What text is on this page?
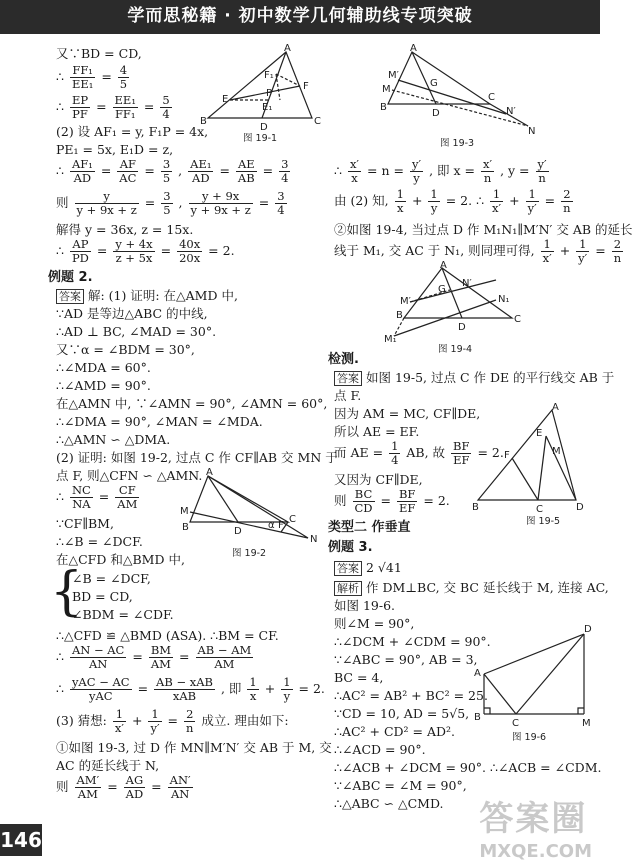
学而思秘籍 · 初中数学几何辅助线专项突破
又∵BD = CD,
∴ $\frac{\text{FF₁}}{\text{EE₁}} = \frac{4}{5}$
∴ $\frac{EP}{PF} = \frac{\text{EE₁}}{\text{FF₁}} = \frac{5}{4}$
(2) 设 AF₁ = y, F₁P = 4x,
PE₁ = 5x, E₁D = z,
∴ $\frac{\text{AF₁}}{AD} = \frac{AF}{AC} = \frac{3}{5}$ , $\frac{\text{AE₁}}{AD} = \frac{AE}{AB} = \frac{3}{4}$
则 $\frac{y}{y + 9x + z} = \frac{3}{5}$ , $\frac{y + 9x}{y + 9x + z} = \frac{3}{4}$
解得 y = 36x, z = 15x.
∴ $\frac{AP}{PD} = \frac{y + 4x}{z + 5x} = \frac{40x}{20x} = 2$.
例题 2.
答案 解: (1) 证明: 在△AMD 中,
∵AD 是等边△ABC 的中线,
∴AD ⊥ BC, ∠MAD = 30°.
又∵α = ∠BDM = 30°,
∴∠MDA = 60°.
∴∠AMD = 90°.
在△AMN 中, ∵∠AMN = 90°, ∠AMN = 60°,
∴∠DMA = 90°, ∠MAN = ∠MDA.
∴△AMN ∽ △DMA.
(2) 证明: 如图 19-2, 过点 C 作 CF∥AB 交 MN 于
点 F, 则△CFN ∽ △AMN.
∴ $\frac{NC}{NA} = \frac{CF}{AM}$
∵CF∥BM,
∴∠B = ∠DCF.
在△CFD 和△BMD 中,
{
∠B = ∠DCF,
BD = CD,
∠BDM = ∠CDF.
∴△CFD ≌ △BMD (ASA). ∴BM = CF.
∴ $\frac{AN - AC}{AN} = \frac{BM}{AM} = \frac{AB - AM}{AM}$
∴ yAC − AC
yAC	= AB − xAB
xAB	, 即 $\frac{1}{x} + \frac{1}{y} = 2$.
(3) 猜想: $\frac{1}{x'} + \frac{1}{y'} = \frac{2}{n}$ 成立. 理由如下:
①如图 19-3, 过 D 作 MN∥M′N′ 交 AB 于 M, 交
AC 的延长线于 N,
则 $\frac{AM'}{AM} = \frac{AG}{AD} = \frac{AN'}{AN}$
A
B	C
D
E
F
P
E₁
F₁
图 19-1
A
B
C
D
M
N
F
α
图 19-2
∴ $\frac{x'}{x} = n = \frac{y'}{y}$ , 即 $x = \frac{x'}{n}$ , $y = \frac{y'}{n}$
由 (2) 知, $\frac{1}{x} + \frac{1}{y} = 2$. ∴ $\frac{1}{x'} + \frac{1}{y'} = \frac{2}{n}$
②如图 19-4, 当过点 D 作 M₁N₁∥M′N′ 交 AB 的延长
线于 M₁, 交 AC 于 N₁, 则同理可得, $\frac{1}{x'} + \frac{1}{y'} = \frac{2}{n}$
检测.
答案 如图 19-5, 过点 C 作 DE 的平行线交 AB 于
点 F.
因为 AM = MC, CF∥DE,
所以 AE = EF.
而 AE = $\frac{1}{4}$ AB, 故 $\frac{BF}{EF} = 2$.
又因为 CF∥DE,
则 $\frac{BC}{CD} = \frac{BF}{EF} = 2$.
类型二 作垂直
例题 3.
答案 2 √41
解析 作 DM⊥BC, 交 BC 延长线于 M, 连接 AC,
如图 19-6.
则∠M = 90°,
∴∠DCM + ∠CDM = 90°.
∵∠ABC = 90°, AB = 3,
BC = 4,
∴AC² = AB² + BC² = 25.
∵CD = 10, AD = 5√5,
∴AC² + CD² = AD².
∴∠ACD = 90°.
∴∠ACB + ∠DCM = 90°. ∴∠ACB = ∠CDM.
∵∠ABC = ∠M = 90°,
∴△ABC ∽ △CMD.
A
B
C
D
G
M
M′
N′
N
图 19-3
A
B	C
D
G
M′
N′
N₁
M₁
图 19-4
A
B	C	D
E
F	M
图 19-5
A
B
C
D
M
图 19-6
146
答案圈
MXQE.COM
